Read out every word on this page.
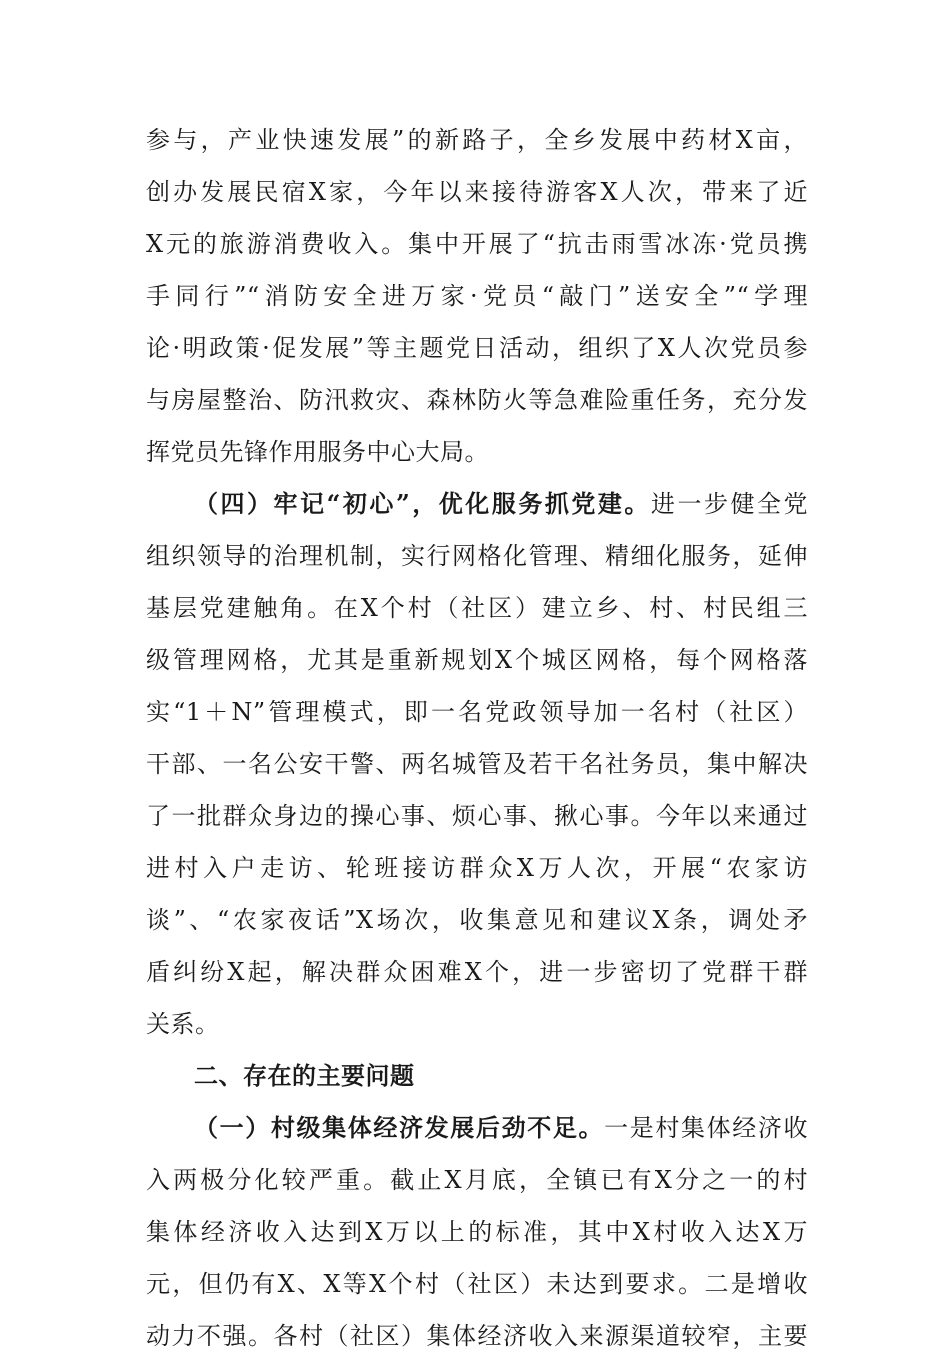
参与，产业快速发展”的新路子，全乡发展中药材X亩，
创办发展民宿X家，今年以来接待游客X人次，带来了近
X元的旅游消费收入。集中开展了“抗击雨雪冰冻·党员携
手同行”“消防安全进万家·党员“敲门”送安全”“学理
论·明政策·促发展”等主题党日活动，组织了X人次党员参
与房屋整治、防汛救灾、森林防火等急难险重任务，充分发
挥党员先锋作用服务中心大局。
（四）牢记“初心”，优化服务抓党建。进一步健全党
组织领导的治理机制，实行网格化管理、精细化服务，延伸
基层党建触角。在X个村（社区）建立乡、村、村民组三
级管理网格，尤其是重新规划X个城区网格，每个网格落
实“1＋N”管理模式，即一名党政领导加一名村（社区）
干部、一名公安干警、两名城管及若干名社务员，集中解决
了一批群众身边的操心事、烦心事、揪心事。今年以来通过
进村入户走访、轮班接访群众X万人次，开展“农家访
谈”、“农家夜话”X场次，收集意见和建议X条，调处矛
盾纠纷X起，解决群众困难X个，进一步密切了党群干群
关系。
二、存在的主要问题
（一）村级集体经济发展后劲不足。一是村集体经济收
入两极分化较严重。截止X月底，全镇已有X分之一的村
集体经济收入达到X万以上的标准，其中X村收入达X万
元，但仍有X、X等X个村（社区）未达到要求。二是增收
动力不强。各村（社区）集体经济收入来源渠道较窄，主要
